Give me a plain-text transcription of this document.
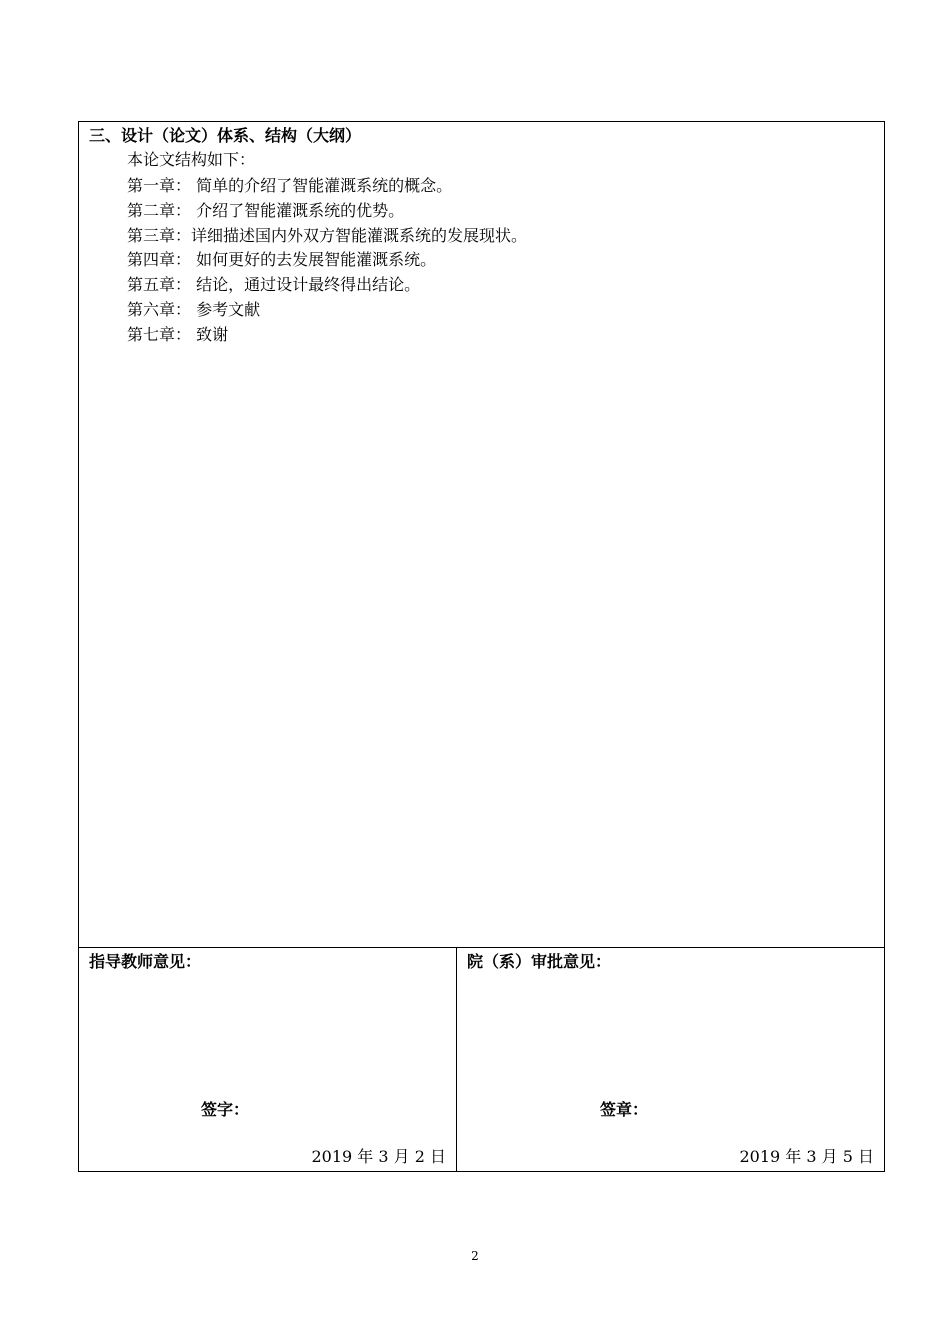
三、设计（论文）体系、结构（大纲）
本论文结构如下：
第一章： 简单的介绍了智能灌溉系统的概念。
第二章： 介绍了智能灌溉系统的优势。
第三章：详细描述国内外双方智能灌溉系统的发展现状。
第四章： 如何更好的去发展智能灌溉系统。
第五章： 结论，通过设计最终得出结论。
第六章： 参考文献
第七章： 致谢
指导教师意见：
签字：
2019 年 3 月 2 日
院（系）审批意见：
签章：
2019 年 3 月 5 日
2
